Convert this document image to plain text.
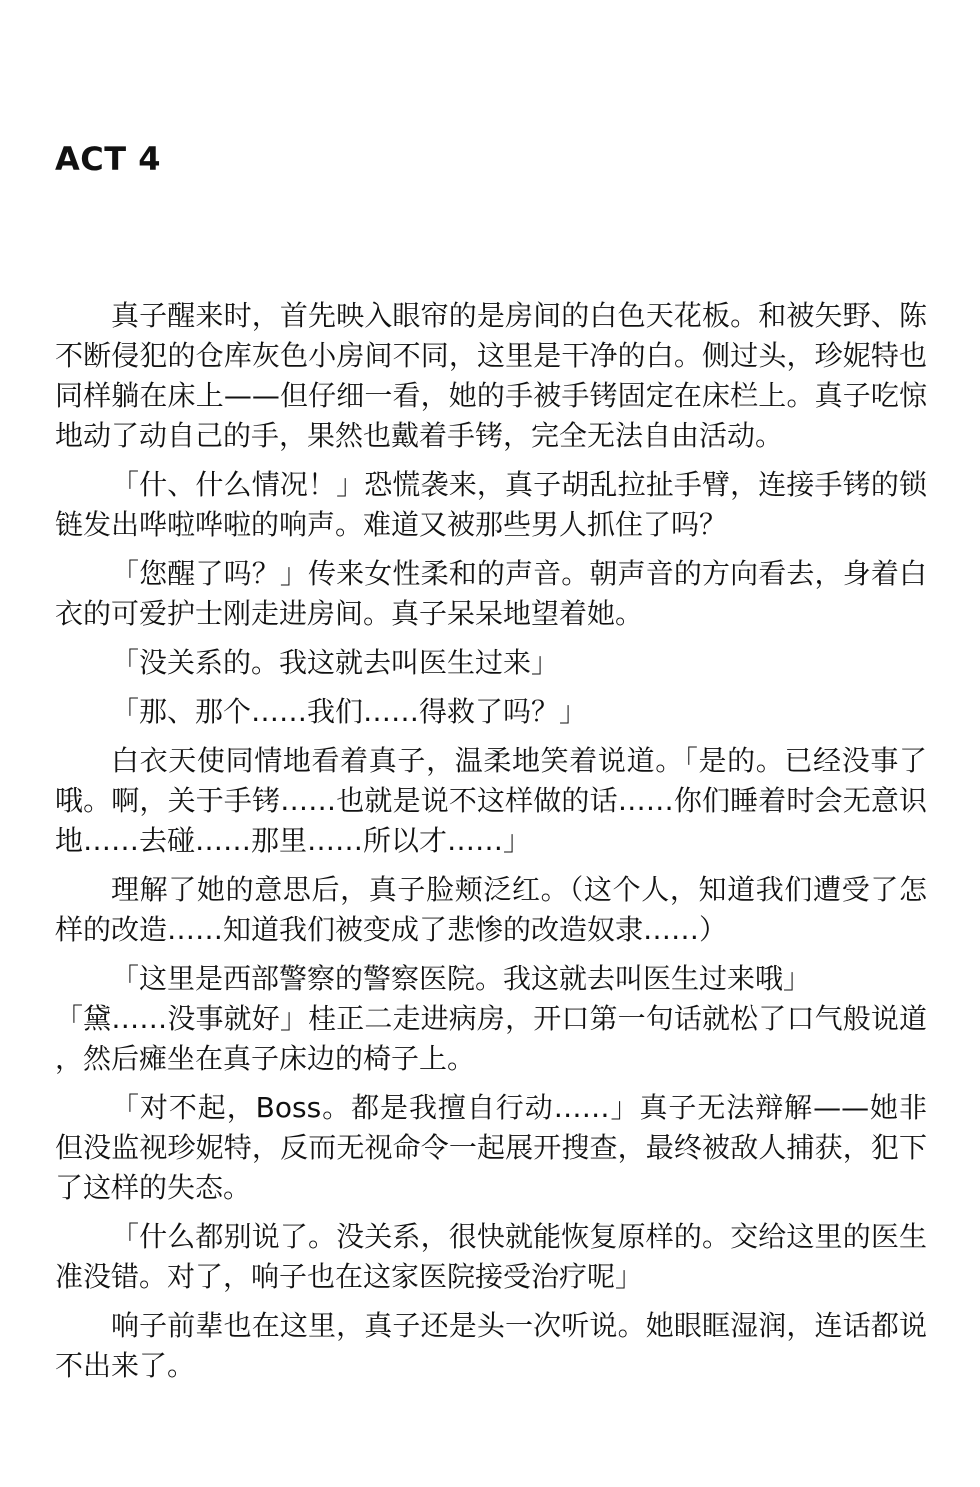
ACT 4

真子醒来时，首先映入眼帘的是房间的白色天花板。和被矢野、陈不断侵犯的仓库灰色小房间不同，这里是干净的白。侧过头，珍妮特也同样躺在床上——但仔细一看，她的手被手铐固定在床栏上。真子吃惊地动了动自己的手，果然也戴着手铐，完全无法自由活动。

「什、什么情况！」恐慌袭来，真子胡乱拉扯手臂，连接手铐的锁链发出哗啦哗啦的响声。难道又被那些男人抓住了吗？

「您醒了吗？」传来女性柔和的声音。朝声音的方向看去，身着白衣的可爱护士刚走进房间。真子呆呆地望着她。

「没关系的。我这就去叫医生过来」

「那、那个……我们……得救了吗？」

白衣天使同情地看着真子，温柔地笑着说道。「是的。已经没事了哦。啊，关于手铐……也就是说不这样做的话……你们睡着时会无意识地……去碰……那里……所以才……」

理解了她的意思后，真子脸颊泛红。（这个人，知道我们遭受了怎样的改造……知道我们被变成了悲惨的改造奴隶……）

「这里是西部警察的警察医院。我这就去叫医生过来哦」

「黛……没事就好」桂正二走进病房，开口第一句话就松了口气般说道，然后瘫坐在真子床边的椅子上。

「对不起，Boss。都是我擅自行动……」真子无法辩解——她非但没监视珍妮特，反而无视命令一起展开搜查，最终被敌人捕获，犯下了这样的失态。

「什么都别说了。没关系，很快就能恢复原样的。交给这里的医生准没错。对了，响子也在这家医院接受治疗呢」

响子前辈也在这里，真子还是头一次听说。她眼眶湿润，连话都说不出来了。
